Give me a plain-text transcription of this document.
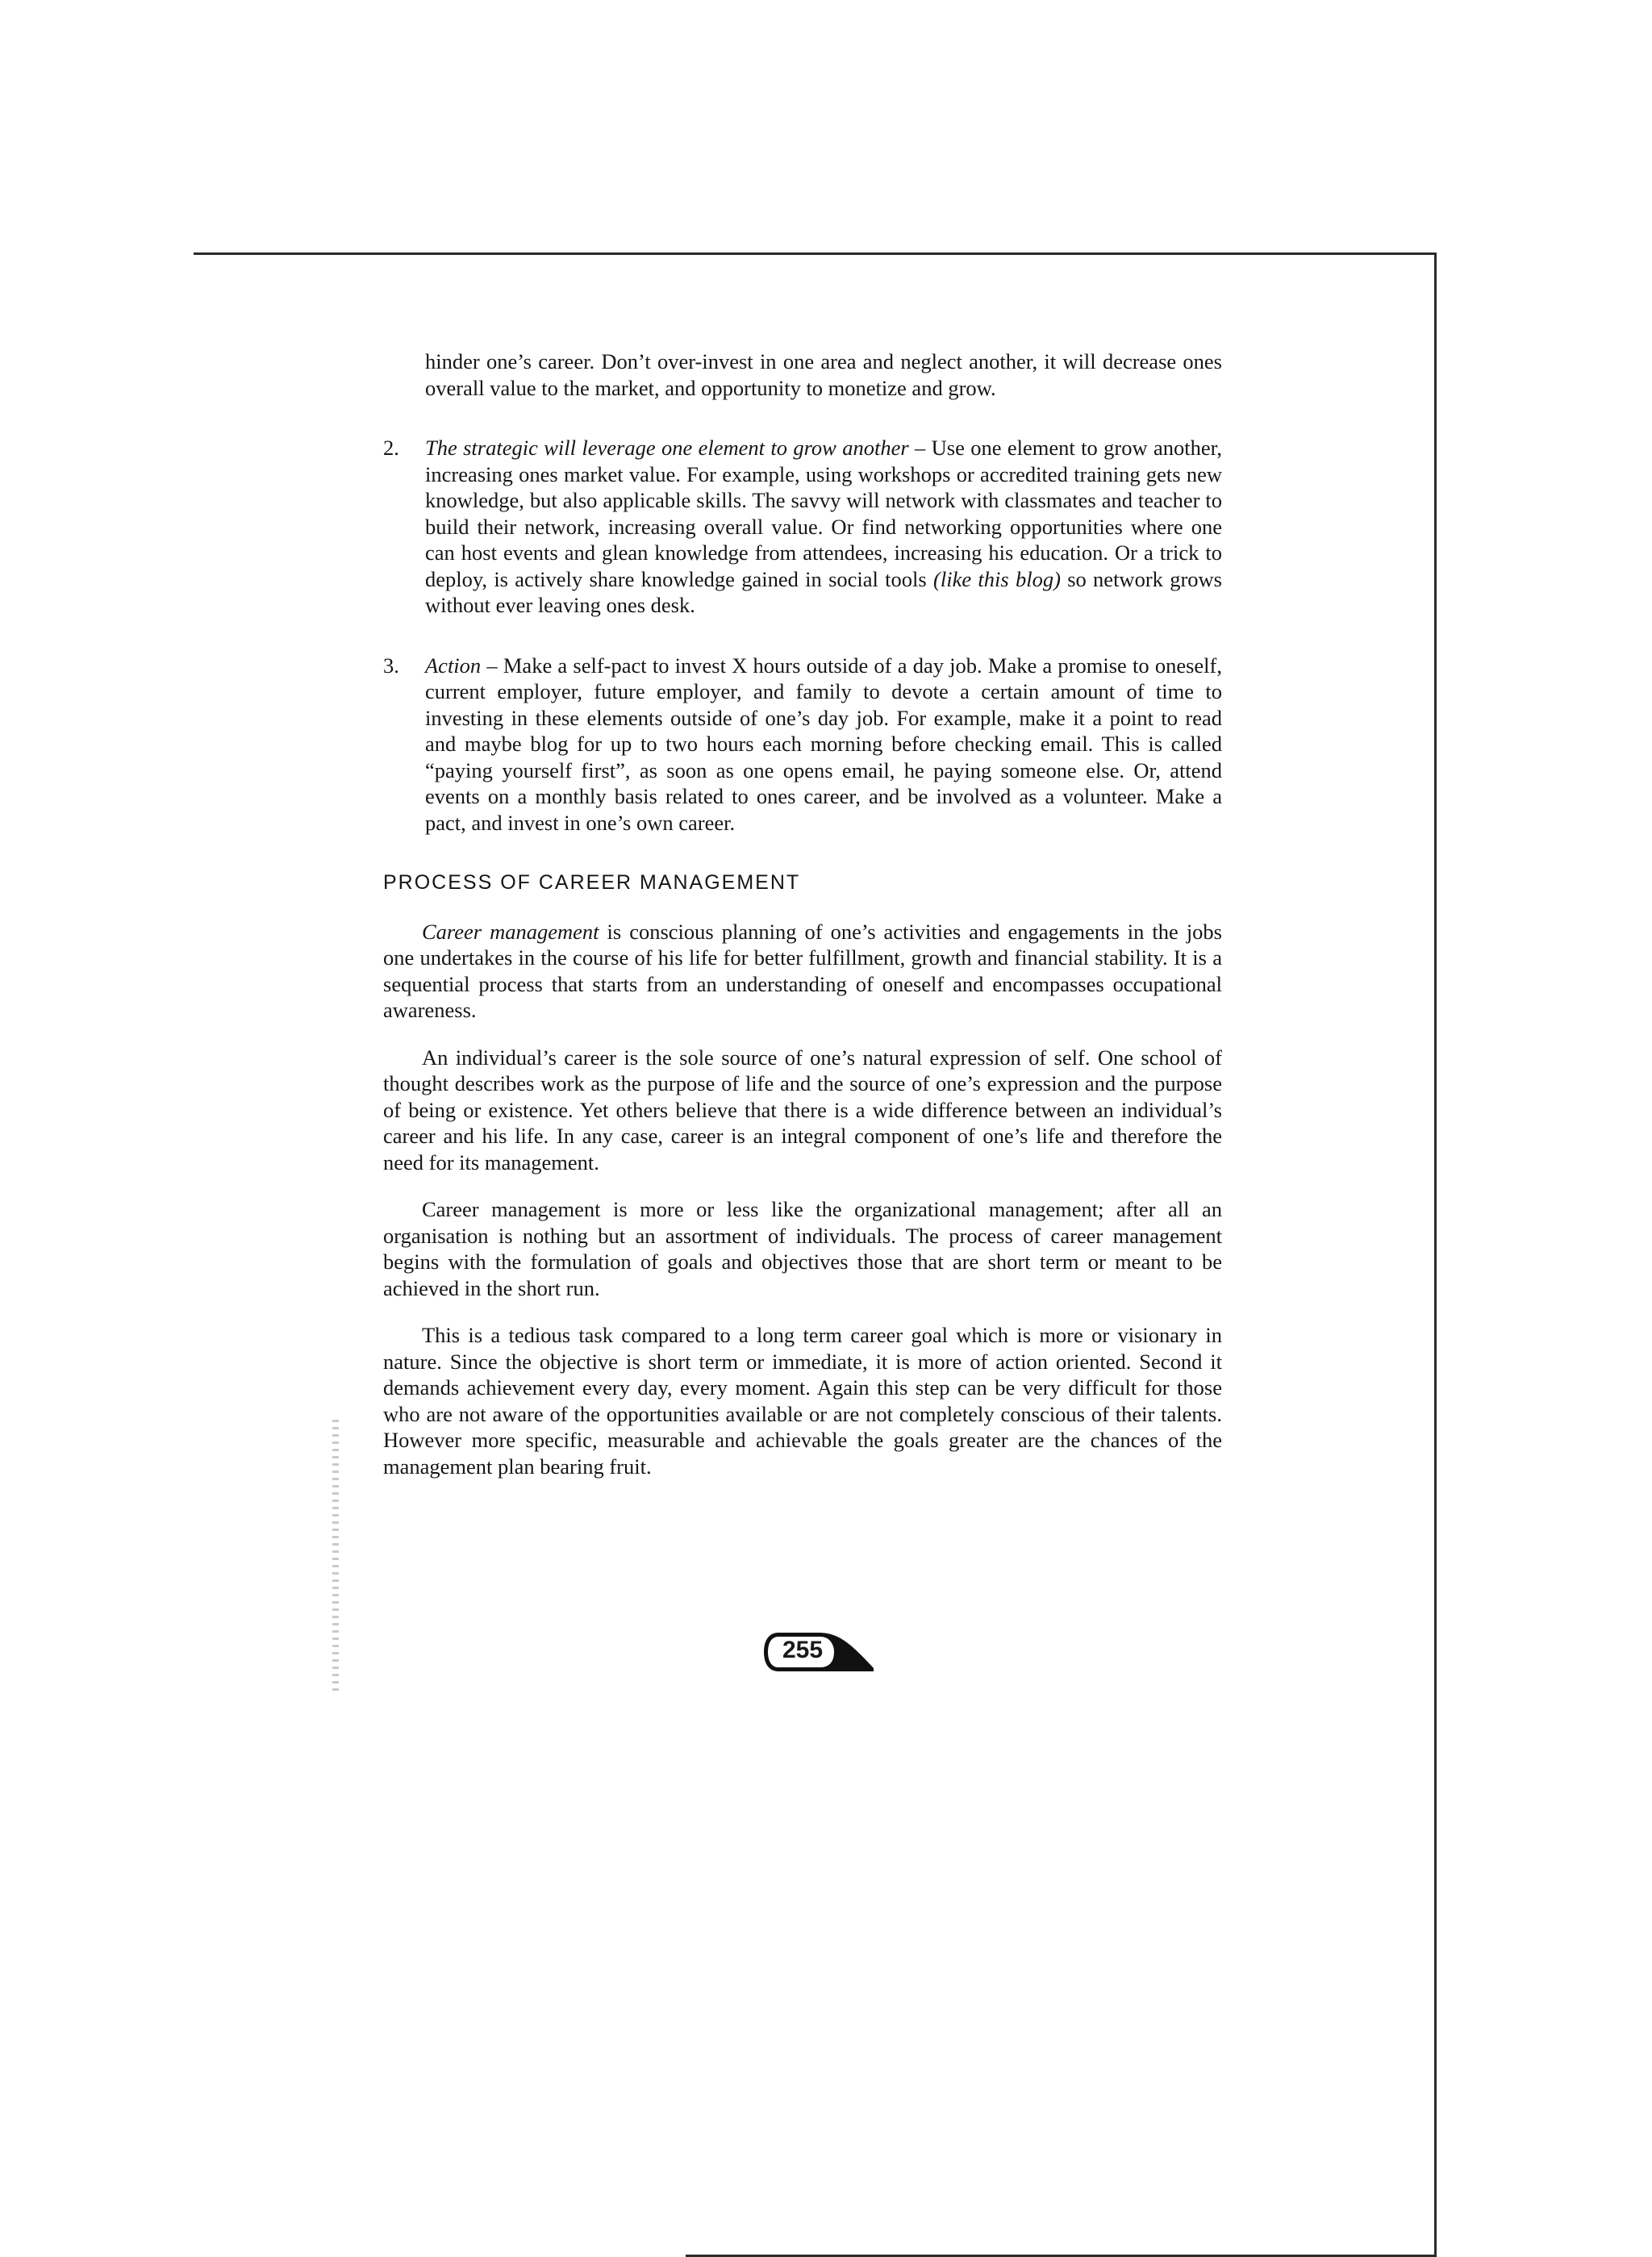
hinder one’s career. Don’t over-invest in one area and neglect another, it will decrease ones overall value to the market, and opportunity to monetize and grow.

2. The strategic will leverage one element to grow another – Use one element to grow another, increasing ones market value. For example, using workshops or accredited training gets new knowledge, but also applicable skills. The savvy will network with classmates and teacher to build their network, increasing overall value. Or find networking opportunities where one can host events and glean knowledge from attendees, increasing his education. Or a trick to deploy, is actively share knowledge gained in social tools (like this blog) so network grows without ever leaving ones desk.
3. Action – Make a self-pact to invest X hours outside of a day job. Make a promise to oneself, current employer, future employer, and family to devote a certain amount of time to investing in these elements outside of one’s day job. For example, make it a point to read and maybe blog for up to two hours each morning before checking email. This is called “paying yourself first”, as soon as one opens email, he paying someone else. Or, attend events on a monthly basis related to ones career, and be involved as a volunteer. Make a pact, and invest in one’s own career.
PROCESS OF CAREER MANAGEMENT

Career management is conscious planning of one’s activities and engagements in the jobs one undertakes in the course of his life for better fulfillment, growth and financial stability. It is a sequential process that starts from an understanding of oneself and encompasses occupational awareness.

An individual’s career is the sole source of one’s natural expression of self. One school of thought describes work as the purpose of life and the source of one’s expression and the purpose of being or existence. Yet others believe that there is a wide difference between an individual’s career and his life. In any case, career is an integral component of one’s life and therefore the need for its management.

Career management is more or less like the organizational management; after all an organisation is nothing but an assortment of individuals. The process of career management begins with the formulation of goals and objectives those that are short term or meant to be achieved in the short run.

This is a tedious task compared to a long term career goal which is more or visionary in nature. Since the objective is short term or immediate, it is more of action oriented. Second it demands achievement every day, every moment. Again this step can be very difficult for those who are not aware of the opportunities available or are not completely conscious of their talents. However more specific, measurable and achievable the goals greater are the chances of the management plan bearing fruit.

255
